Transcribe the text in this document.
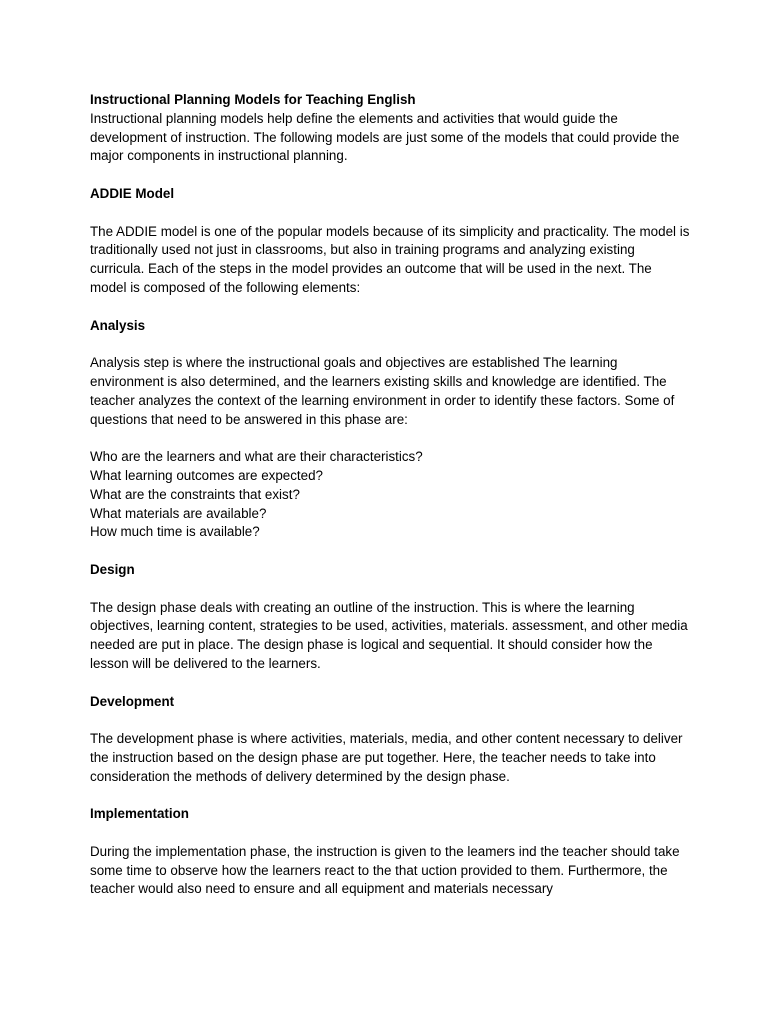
Instructional Planning Models for Teaching English

Instructional planning models help define the elements and activities that would guide the development of instruction. The following models are just some of the models that could provide the major components in instructional planning.

ADDIE Model

The ADDIE model is one of the popular models because of its simplicity and practicality. The model is traditionally used not just in classrooms, but also in training programs and analyzing existing curricula. Each of the steps in the model provides an outcome that will be used in the next. The model is composed of the following elements:

Analysis

Analysis step is where the instructional goals and objectives are established The learning environment is also determined, and the learners existing skills and knowledge are identified. The teacher analyzes the context of the learning environment in order to identify these factors. Some of questions that need to be answered in this phase are:

Who are the learners and what are their characteristics?
What learning outcomes are expected?
What are the constraints that exist?
What materials are available?
How much time is available?

Design

The design phase deals with creating an outline of the instruction. This is where the learning objectives, learning content, strategies to be used, activities, materials. assessment, and other media needed are put in place. The design phase is logical and sequential. It should consider how the lesson will be delivered to the learners.

Development

The development phase is where activities, materials, media, and other content necessary to deliver the instruction based on the design phase are put together. Here, the teacher needs to take into consideration the methods of delivery determined by the design phase.

Implementation

During the implementation phase, the instruction is given to the leamers ind the teacher should take some time to observe how the learners react to the that uction provided to them. Furthermore, the teacher would also need to ensure and all equipment and materials necessary
